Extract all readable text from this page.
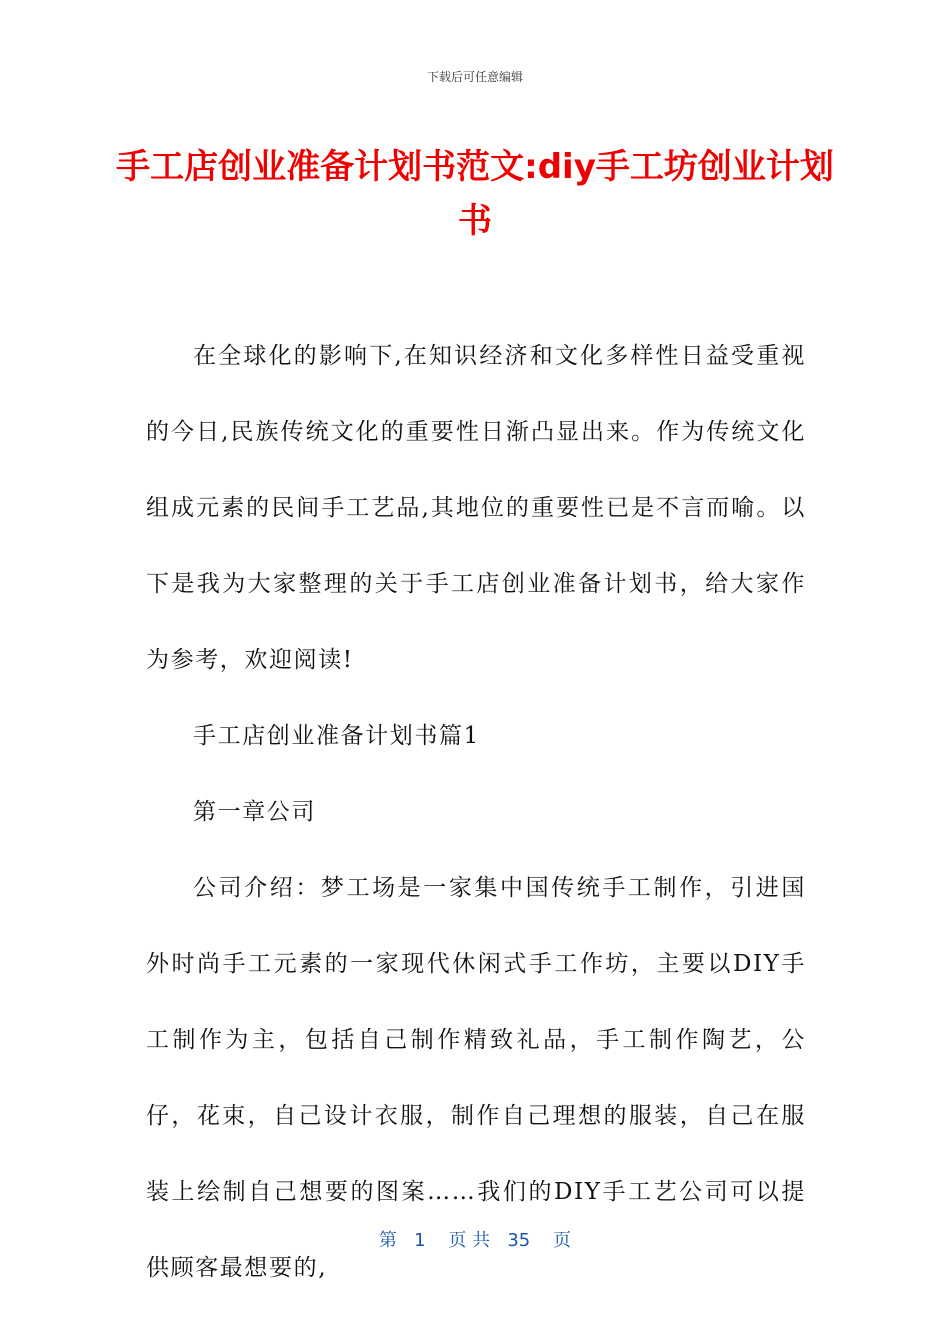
下载后可任意编辑
手工店创业准备计划书范文:diy手工坊创业计划书

在全球化的影响下,在知识经济和文化多样性日益受重视的今日,民族传统文化的重要性日渐凸显出来。作为传统文化组成元素的民间手工艺品,其地位的重要性已是不言而喻。以下是我为大家整理的关于手工店创业准备计划书，给大家作为参考，欢迎阅读!

手工店创业准备计划书篇1

第一章公司

公司介绍：梦工场是一家集中国传统手工制作，引进国外时尚手工元素的一家现代休闲式手工作坊，主要以DIY手工制作为主，包括自己制作精致礼品，手工制作陶艺，公仔，花束，自己设计衣服，制作自己理想的服装，自己在服装上绘制自己想要的图案……我们的DIY手工艺公司可以提供顾客最想要的,

第 1 页 共 35 页
